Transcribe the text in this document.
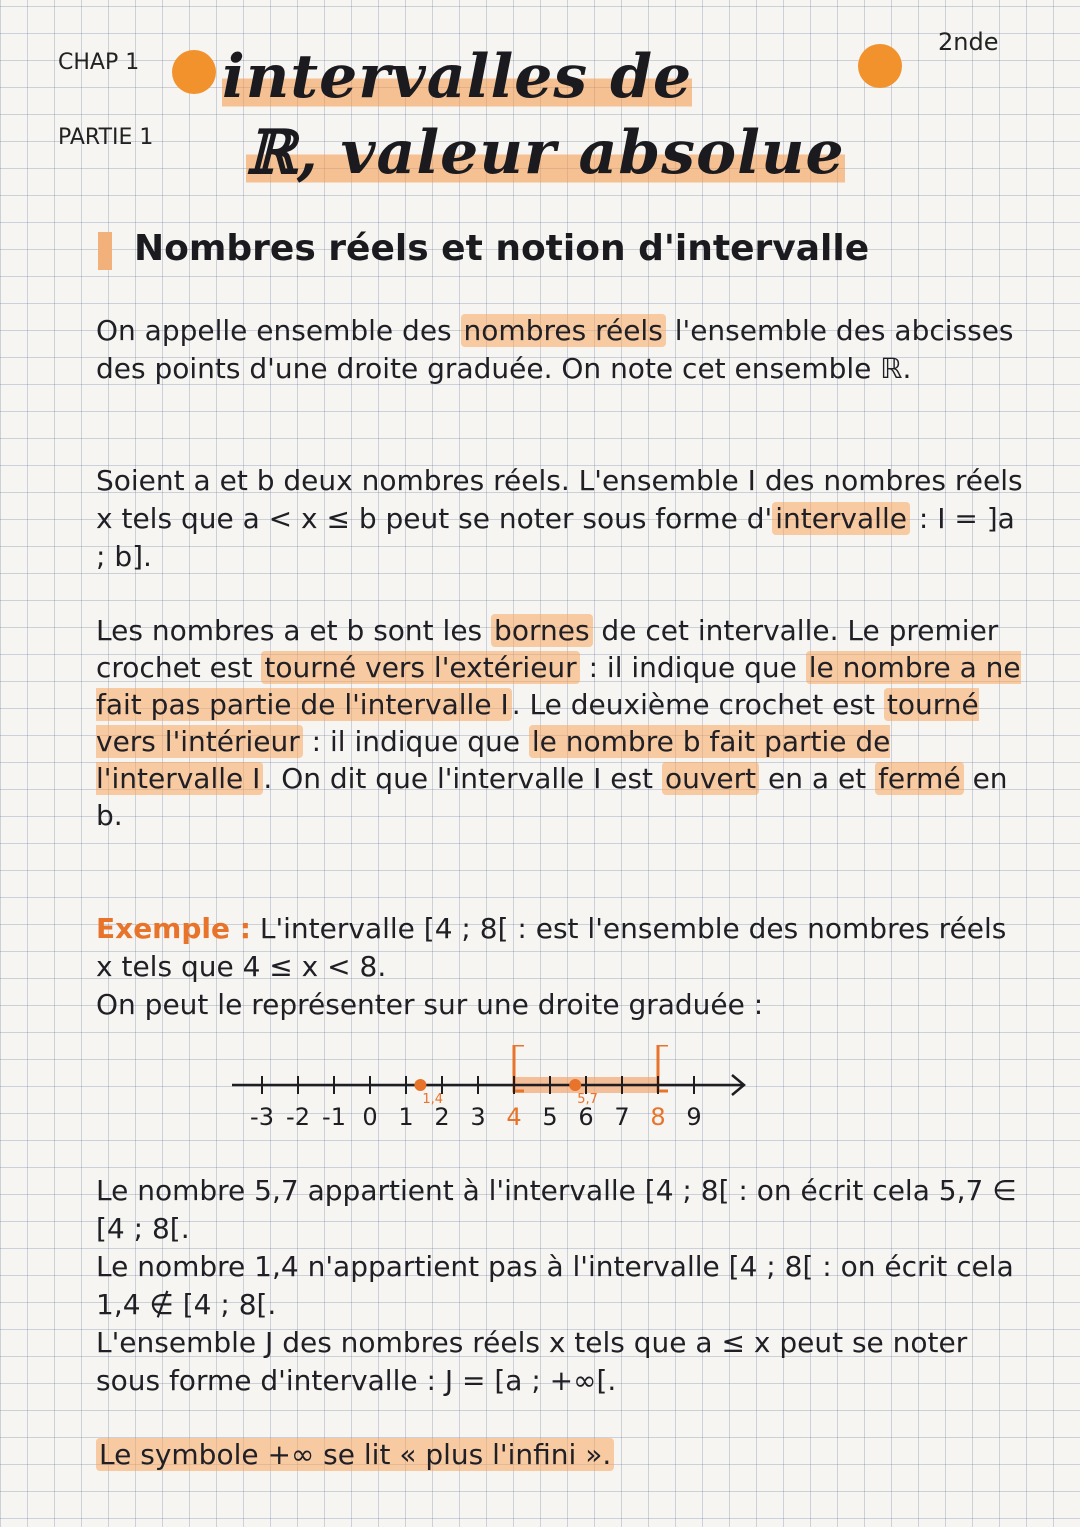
CHAP 1
PARTIE 1
2nde
intervalles de
ℝ, valeur absolue
Nombres réels et notion d'intervalle
On appelle ensemble des nombres réels l'ensemble des abcisses des points d'une droite graduée. On note cet ensemble ℝ.
Soient a et b deux nombres réels. L'ensemble I des nombres réels x tels que a < x ≤ b peut se noter sous forme d' intervalle : I = ]a ; b].
Les nombres a et b sont les bornes de cet intervalle. Le premier crochet est tourné vers l'extérieur : il indique que le nombre a ne fait pas partie de l'intervalle I . Le deuxième crochet est tourné vers l'intérieur : il indique que le nombre b fait partie de l'intervalle I . On dit que l'intervalle I est ouvert en a et fermé en b.
Exemple : L'intervalle [4 ; 8[ : est l'ensemble des nombres réels x tels que 4 ≤ x < 8.
On peut le représenter sur une droite graduée :
-3 -2 -1 0 1 2 3 4 5 6 7 8 9
1,4	5,7
Le nombre 5,7 appartient à l'intervalle [4 ; 8[ : on écrit cela 5,7 ∈ [4 ; 8[.
Le nombre 1,4 n'appartient pas à l'intervalle [4 ; 8[ : on écrit cela 1,4 ∉ [4 ; 8[.
L'ensemble J des nombres réels x tels que a ≤ x peut se noter sous forme d'intervalle : J = [a ; +∞[.
Le symbole +∞ se lit « plus l'infini ».
